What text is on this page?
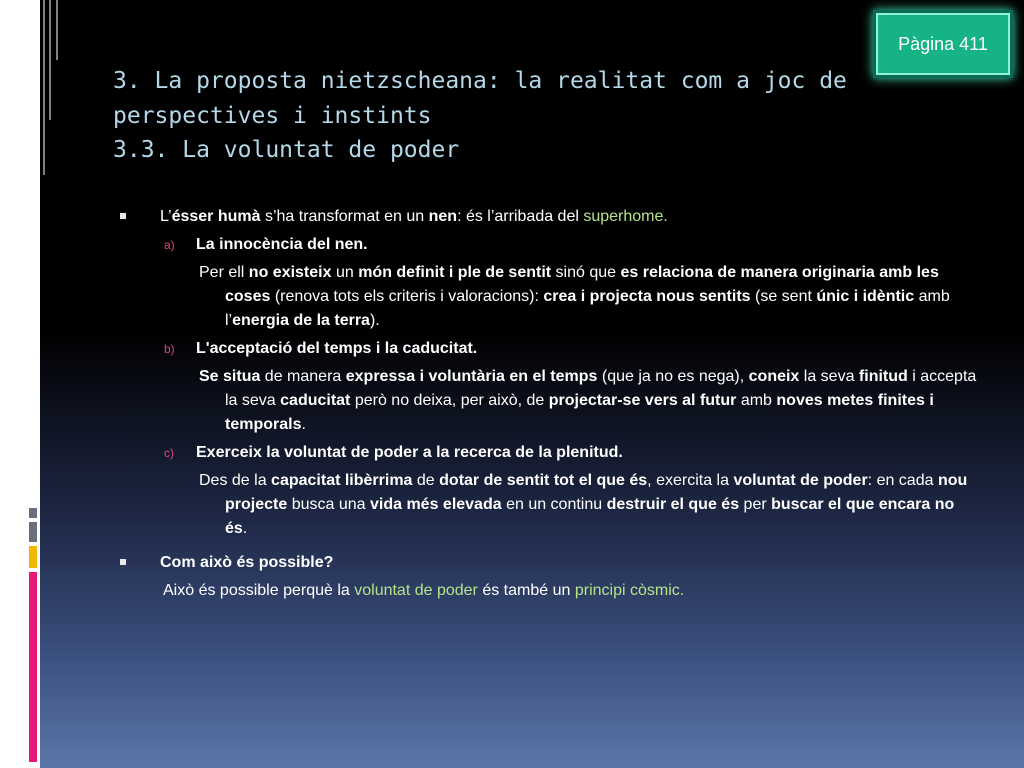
Pàgina 411
3. La proposta nietzscheana: la realitat com a joc de
perspectives i instints
3.3. La voluntat de poder
L’ésser humà s’ha transformat en un nen: és l’arribada del superhome.
a) La innocència del nen.
Per ell no existeix un món definit i ple de sentit sinó que es relaciona de manera originaria amb les coses (renova tots els criteris i valoracions): crea i projecta nous sentits (se sent únic i idèntic amb l’energia de la terra).
b) L'acceptació del temps i la caducitat.
Se situa de manera expressa i voluntària en el temps (que ja no es nega), coneix la seva finitud i accepta la seva caducitat però no deixa, per això, de projectar-se vers al futur amb noves metes finites i temporals.
c) Exerceix la voluntat de poder a la recerca de la plenitud.
Des de la capacitat libèrrima de dotar de sentit tot el que és, exercita la voluntat de poder: en cada nou projecte busca una vida més elevada en un continu destruir el que és per buscar el que encara no és.
Com això és possible?
Això és possible perquè la voluntat de poder és també un principi còsmic.
